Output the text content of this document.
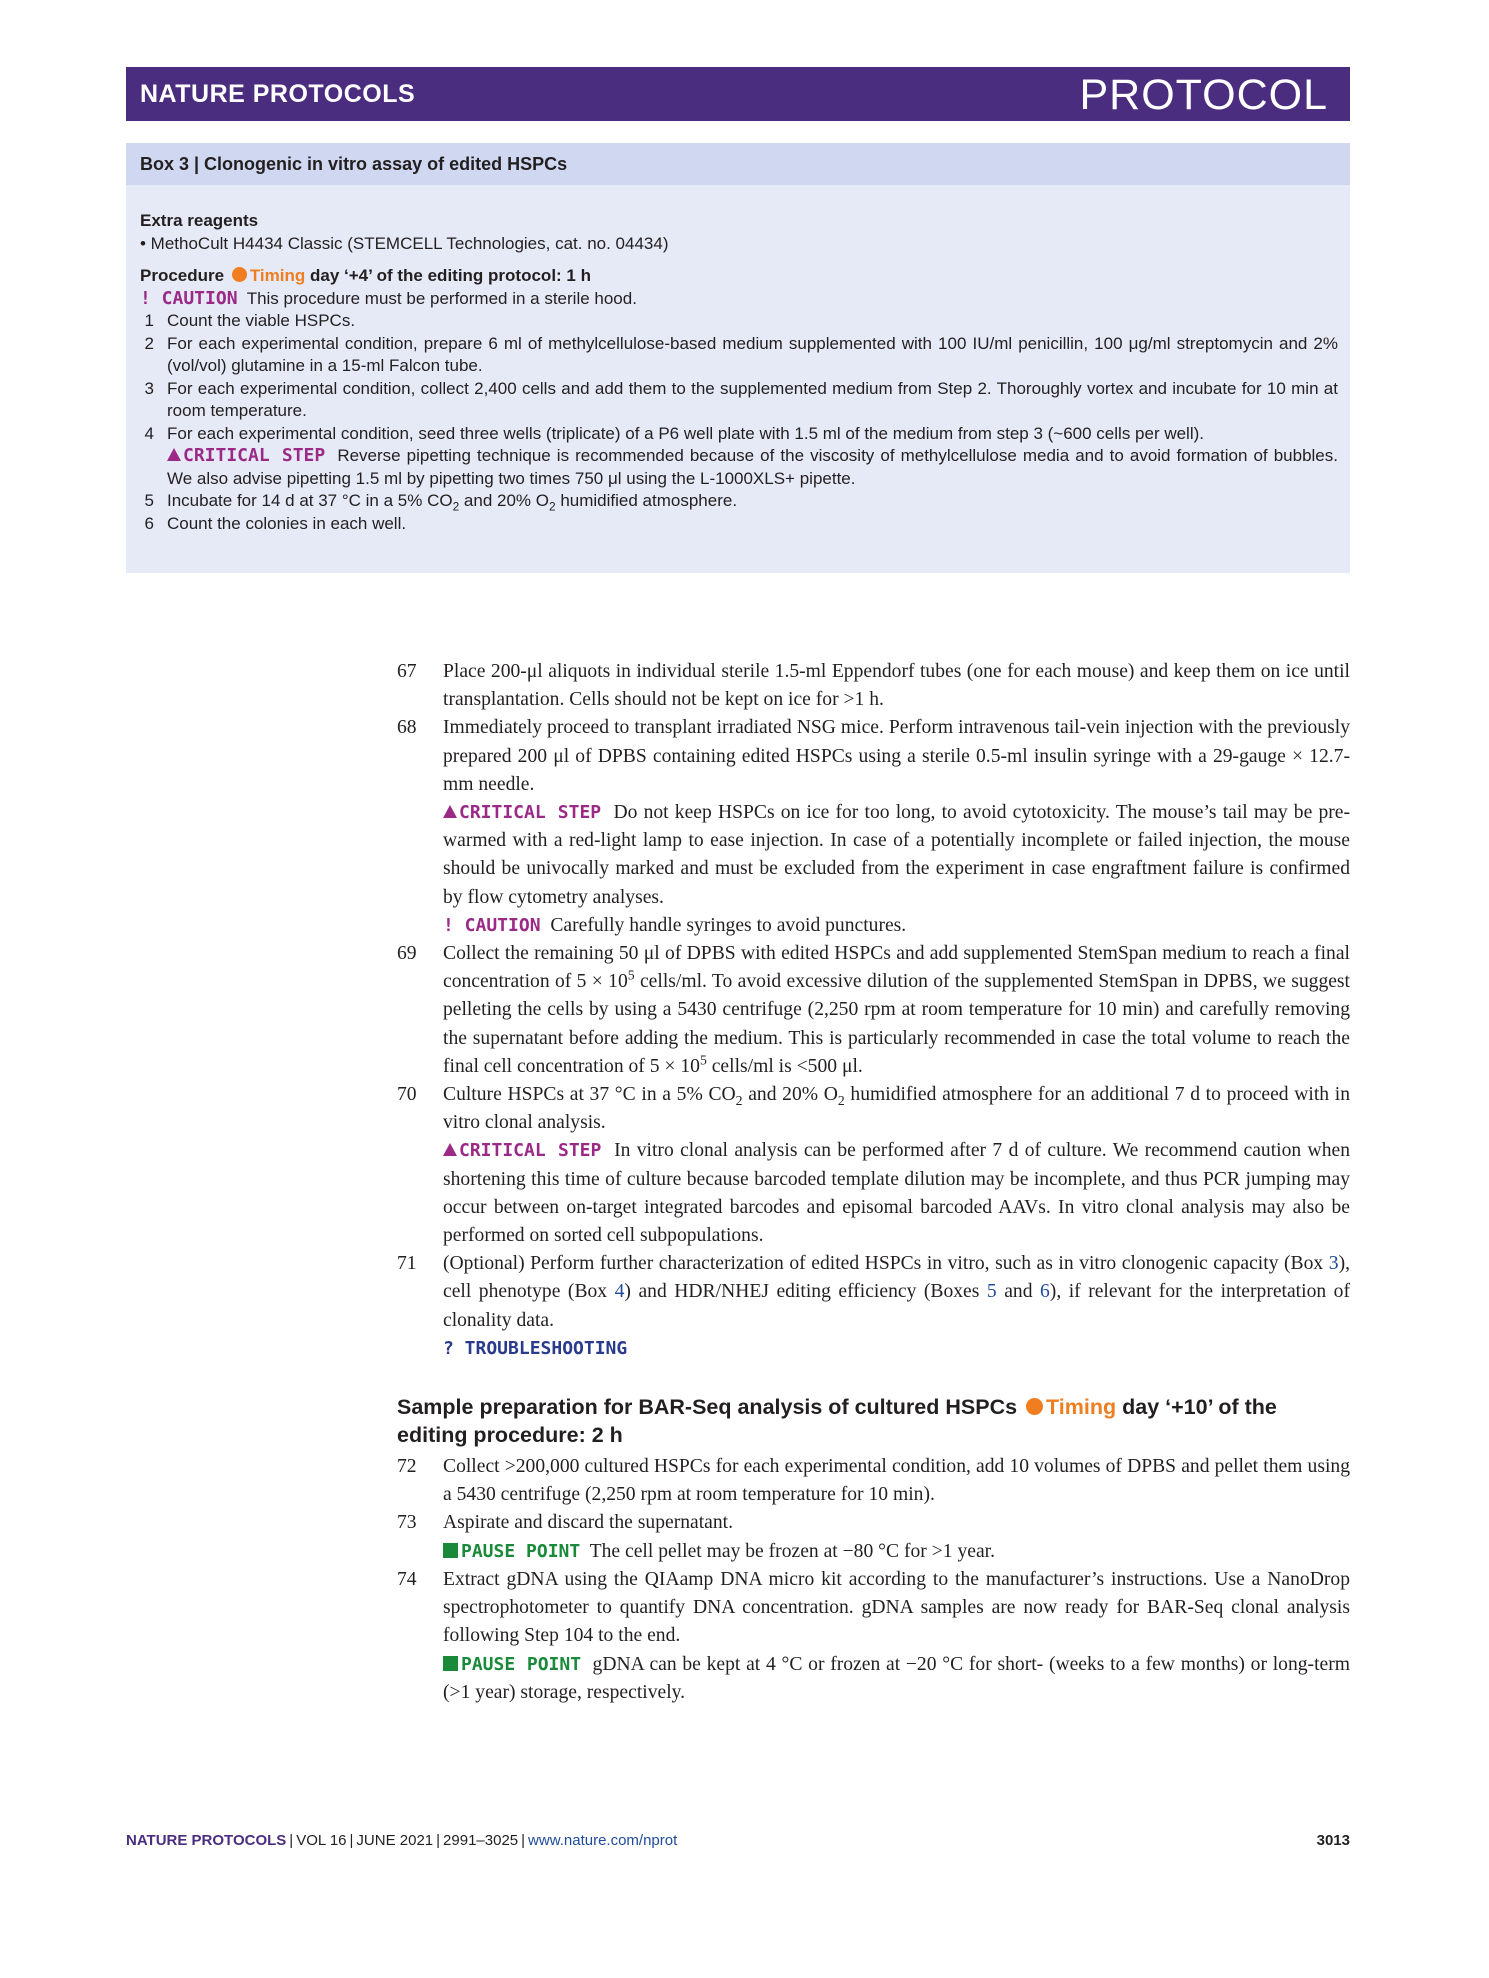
NATURE PROTOCOLS	PROTOCOL
Box 3 | Clonogenic in vitro assay of edited HSPCs

Extra reagents

• MethoCult H4434 Classic (STEMCELL Technologies, cat. no. 04434)

Procedure Timing day ‘+4’ of the editing protocol: 1 h

! CAUTION This procedure must be performed in a sterile hood.

1 Count the viable HSPCs.
2 For each experimental condition, prepare 6 ml of methylcellulose-based medium supplemented with 100 IU/ml penicillin, 100 μg/ml streptomycin and 2% (vol/vol) glutamine in a 15-ml Falcon tube.
3 For each experimental condition, collect 2,400 cells and add them to the supplemented medium from Step 2. Thoroughly vortex and incubate for 10 min at room temperature.
4 For each experimental condition, seed three wells (triplicate) of a P6 well plate with 1.5 ml of the medium from step 3 (~600 cells per well).
CRITICAL STEP Reverse pipetting technique is recommended because of the viscosity of methylcellulose media and to avoid formation of bubbles. We also advise pipetting 1.5 ml by pipetting two times 750 μl using the L-1000XLS+ pipette.
5 Incubate for 14 d at 37 °C in a 5% $CO_2$ and 20% $O_2$ humidified atmosphere.
6 Count the colonies in each well.
67 Place 200-μl aliquots in individual sterile 1.5-ml Eppendorf tubes (one for each mouse) and keep them on ice until transplantation. Cells should not be kept on ice for >1 h.
68 Immediately proceed to transplant irradiated NSG mice. Perform intravenous tail-vein injection with the previously prepared 200 μl of DPBS containing edited HSPCs using a sterile 0.5-ml insulin syringe with a 29-gauge × 12.7-mm needle.
CRITICAL STEP Do not keep HSPCs on ice for too long, to avoid cytotoxicity. The mouse’s tail may be pre-warmed with a red-light lamp to ease injection. In case of a potentially incomplete or failed injection, the mouse should be univocally marked and must be excluded from the experiment in case engraftment failure is confirmed by flow cytometry analyses.
! CAUTION Carefully handle syringes to avoid punctures.
69 Collect the remaining 50 μl of DPBS with edited HSPCs and add supplemented StemSpan medium to reach a final concentration of $5 \times 10^5$ cells/ml. To avoid excessive dilution of the supplemented StemSpan in DPBS, we suggest pelleting the cells by using a 5430 centrifuge (2,250 rpm at room temperature for 10 min) and carefully removing the supernatant before adding the medium. This is particularly recommended in case the total volume to reach the final cell concentration of $5 \times 10^5$ cells/ml is <500 μl.
70 Culture HSPCs at 37 °C in a 5% $CO_2$ and 20% $O_2$ humidified atmosphere for an additional 7 d to proceed with in vitro clonal analysis.
CRITICAL STEP In vitro clonal analysis can be performed after 7 d of culture. We recommend caution when shortening this time of culture because barcoded template dilution may be incomplete, and thus PCR jumping may occur between on-target integrated barcodes and episomal barcoded AAVs. In vitro clonal analysis may also be performed on sorted cell subpopulations.
71 (Optional) Perform further characterization of edited HSPCs in vitro, such as in vitro clonogenic capacity (Box 3), cell phenotype (Box 4) and HDR/NHEJ editing efficiency (Boxes 5 and 6), if relevant for the interpretation of clonality data.
? TROUBLESHOOTING
Sample preparation for BAR-Seq analysis of cultured HSPCs Timing day ‘+10’ of the editing procedure: 2 h
72 Collect >200,000 cultured HSPCs for each experimental condition, add 10 volumes of DPBS and pellet them using a 5430 centrifuge (2,250 rpm at room temperature for 10 min).
73 Aspirate and discard the supernatant.
PAUSE POINT The cell pellet may be frozen at −80 °C for >1 year.
74 Extract gDNA using the QIAamp DNA micro kit according to the manufacturer’s instructions. Use a NanoDrop spectrophotometer to quantify DNA concentration. gDNA samples are now ready for BAR-Seq clonal analysis following Step 104 to the end.
PAUSE POINT gDNA can be kept at 4 °C or frozen at −20 °C for short- (weeks to a few months) or long-term (>1 year) storage, respectively.
NATURE PROTOCOLS | VOL 16 | JUNE 2021 | 2991–3025 | www.nature.com/nprot	3013
